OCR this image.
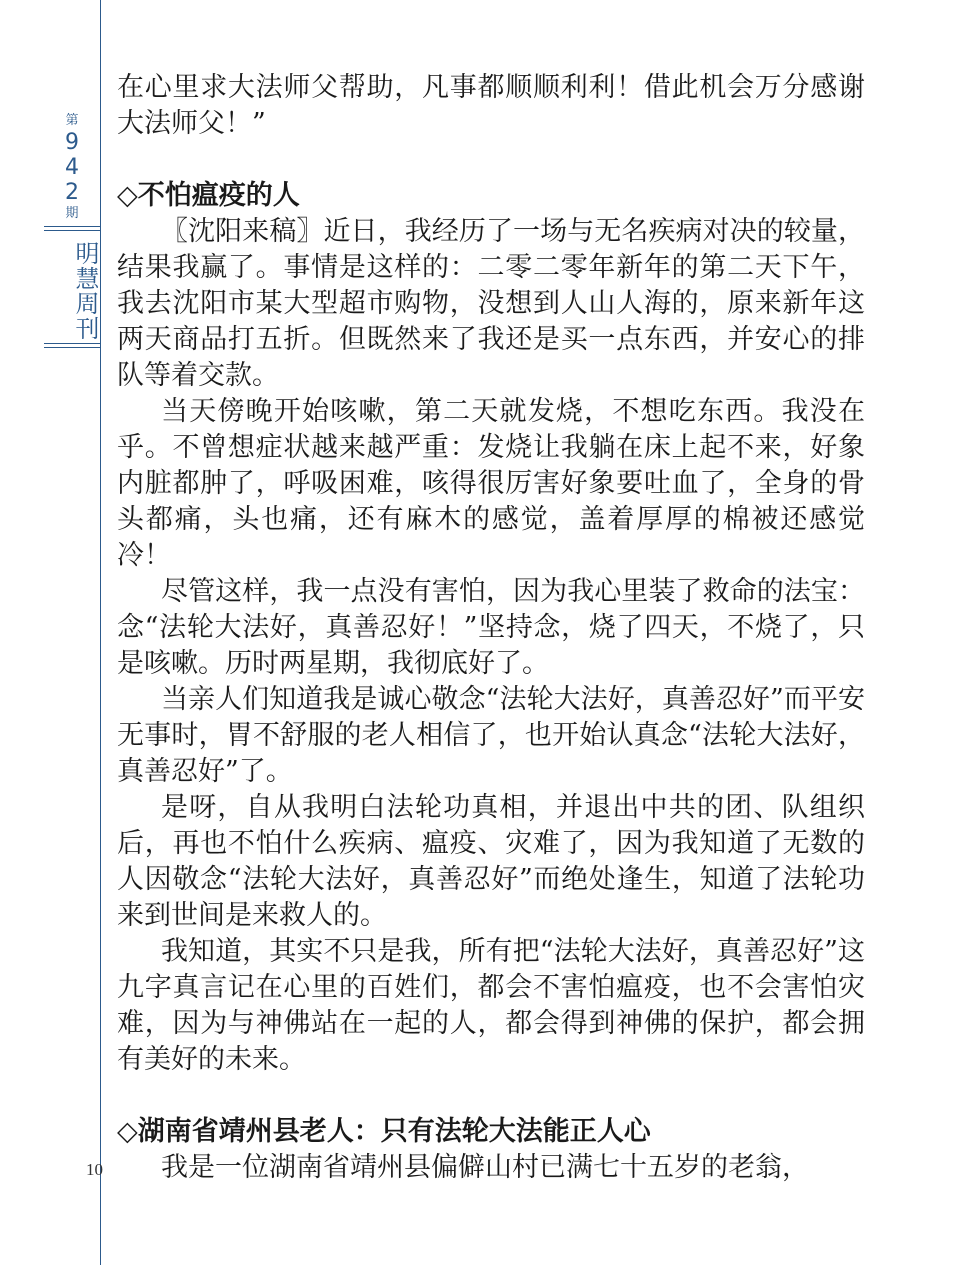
第
9
4
2
期
明慧周刊
10

在心里求大法师父帮助，凡事都顺顺利利！借此机会万分感谢大法师父！”

◇不怕瘟疫的人

〖沈阳来稿〗近日，我经历了一场与无名疾病对决的较量，结果我赢了。事情是这样的：二零二零年新年的第二天下午，我去沈阳市某大型超市购物，没想到人山人海的，原来新年这两天商品打五折。但既然来了我还是买一点东西，并安心的排队等着交款。

当天傍晚开始咳嗽，第二天就发烧，不想吃东西。我没在乎。不曾想症状越来越严重：发烧让我躺在床上起不来，好象内脏都肿了，呼吸困难，咳得很厉害好象要吐血了，全身的骨头都痛，头也痛，还有麻木的感觉，盖着厚厚的棉被还感觉冷！

尽管这样，我一点没有害怕，因为我心里装了救命的法宝：念“法轮大法好，真善忍好！”坚持念，烧了四天，不烧了，只是咳嗽。历时两星期，我彻底好了。

当亲人们知道我是诚心敬念“法轮大法好，真善忍好”而平安无事时，胃不舒服的老人相信了，也开始认真念“法轮大法好，真善忍好”了。

是呀，自从我明白法轮功真相，并退出中共的团、队组织后，再也不怕什么疾病、瘟疫、灾难了，因为我知道了无数的人因敬念“法轮大法好，真善忍好”而绝处逢生，知道了法轮功来到世间是来救人的。

我知道，其实不只是我，所有把“法轮大法好，真善忍好”这九字真言记在心里的百姓们，都会不害怕瘟疫，也不会害怕灾难，因为与神佛站在一起的人，都会得到神佛的保护，都会拥有美好的未来。

◇湖南省靖州县老人：只有法轮大法能正人心

我是一位湖南省靖州县偏僻山村已满七十五岁的老翁，
